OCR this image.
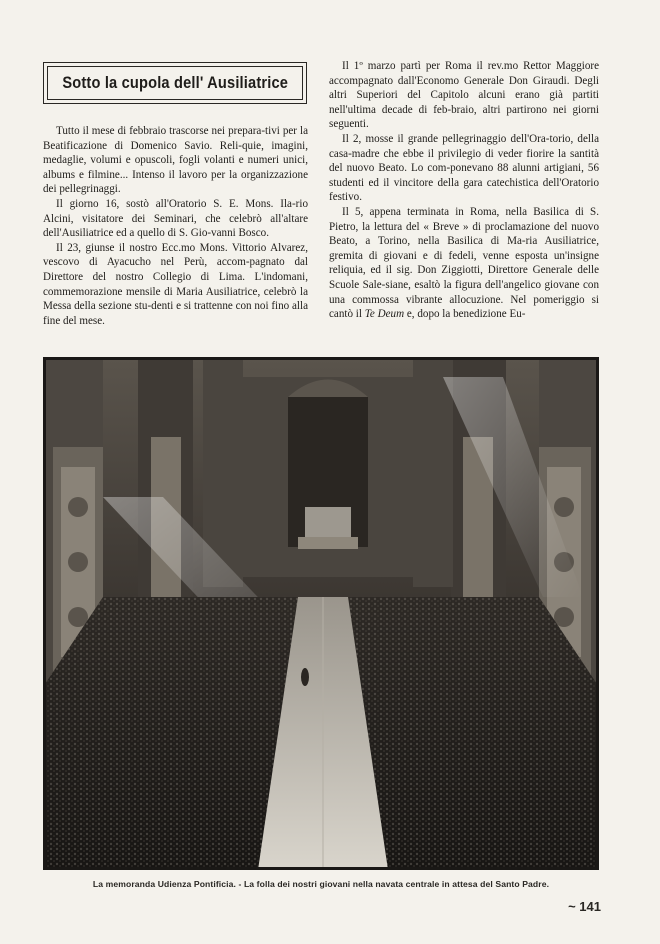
Sotto la cupola dell' Ausiliatrice

Tutto il mese di febbraio trascorse nei prepara-tivi per la Beatificazione di Domenico Savio. Reli-quie, imagini, medaglie, volumi e opuscoli, fogli volanti e numeri unici, albums e filmine... Intenso il lavoro per la organizzazione dei pellegrinaggi.

Il giorno 16, sostò all'Oratorio S. E. Mons. Ila-rio Alcini, visitatore dei Seminari, che celebrò all'altare dell'Ausiliatrice ed a quello di S. Gio-vanni Bosco.

Il 23, giunse il nostro Ecc.mo Mons. Vittorio Alvarez, vescovo di Ayacucho nel Perù, accom-pagnato dal Direttore del nostro Collegio di Lima. L'indomani, commemorazione mensile di Maria Ausiliatrice, celebrò la Messa della sezione stu-denti e si trattenne con noi fino alla fine del mese.

Il 1º marzo partì per Roma il rev.mo Rettor Maggiore accompagnato dall'Economo Generale Don Giraudi. Degli altri Superiori del Capitolo alcuni erano già partiti nell'ultima decade di feb-braio, altri partirono nei giorni seguenti.

Il 2, mosse il grande pellegrinaggio dell'Ora-torio, della casa-madre che ebbe il privilegio di veder fiorire la santità del nuovo Beato. Lo com-ponevano 88 alunni artigiani, 56 studenti ed il vincitore della gara catechistica dell'Oratorio festivo.

Il 5, appena terminata in Roma, nella Basilica di S. Pietro, la lettura del « Breve » di proclamazione del nuovo Beato, a Torino, nella Basilica di Ma-ria Ausiliatrice, gremita di giovani e di fedeli, venne esposta un'insigne reliquia, ed il sig. Don Ziggiotti, Direttore Generale delle Scuole Sale-siane, esaltò la figura dell'angelico giovane con una commossa vibrante allocuzione. Nel pomeriggio si cantò il Te Deum e, dopo la benedizione Eu-

La memoranda Udienza Pontificia. - La folla dei nostri giovani nella navata centrale in attesa del Santo Padre.
~ 141
